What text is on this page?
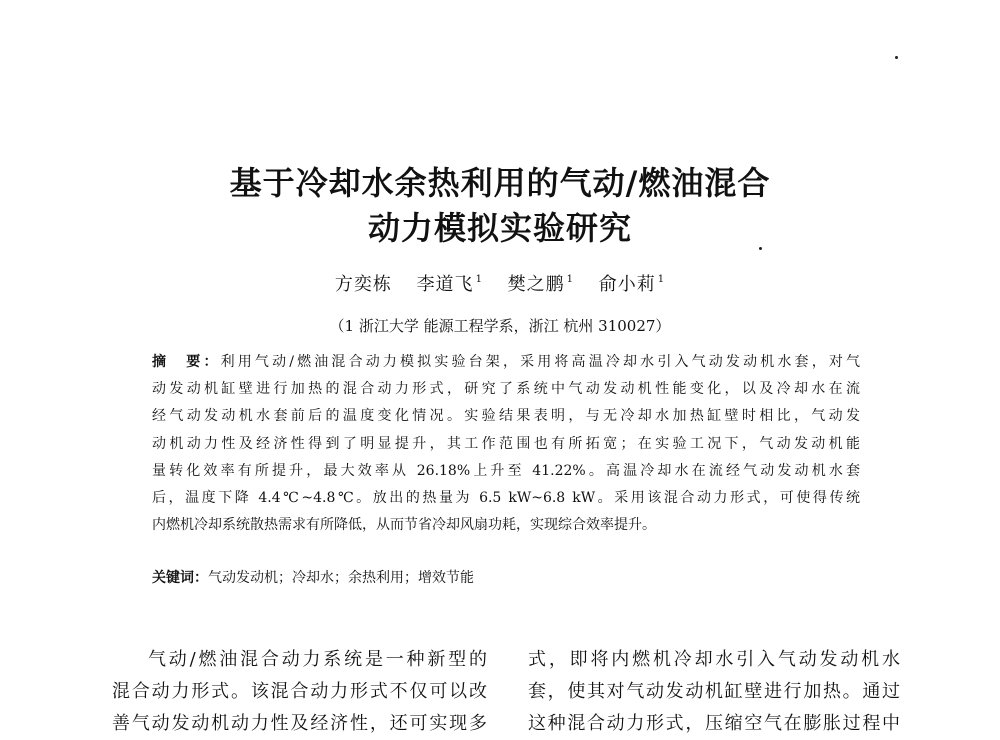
基于冷却水余热利用的气动/燃油混合
动力模拟实验研究
方奕栋 李道飞 $^1$ 樊之鹏 $^1$ 俞小莉 $^1$
（1 浙江大学 能源工程学系，浙江 杭州 310027）
摘　要：利用气动/燃油混合动力模拟实验台架，采用将高温冷却水引入气动发动机水套，对气
动发动机缸壁进行加热的混合动力形式，研究了系统中气动发动机性能变化，以及冷却水在流
经气动发动机水套前后的温度变化情况。实验结果表明，与无冷却水加热缸壁时相比，气动发
动机动力性及经济性得到了明显提升，其工作范围也有所拓宽；在实验工况下，气动发动机能
量转化效率有所提升，最大效率从 26.18%上升至 41.22%。高温冷却水在流经气动发动机水套
后，温度下降 4.4℃~4.8℃。放出的热量为 6.5 kW~6.8 kW。采用该混合动力形式，可使得传统
内燃机冷却系统散热需求有所降低，从而节省冷却风扇功耗，实现综合效率提升。
关键词：气动发动机；冷却水；余热利用；增效节能
气动/燃油混合动力系统是一种新型的
混合动力形式。该混合动力形式不仅可以改
善气动发动机动力性及经济性，还可实现多
式，即将内燃机冷却水引入气动发动机水
套，使其对气动发动机缸壁进行加热。通过
这种混合动力形式，压缩空气在膨胀过程中
